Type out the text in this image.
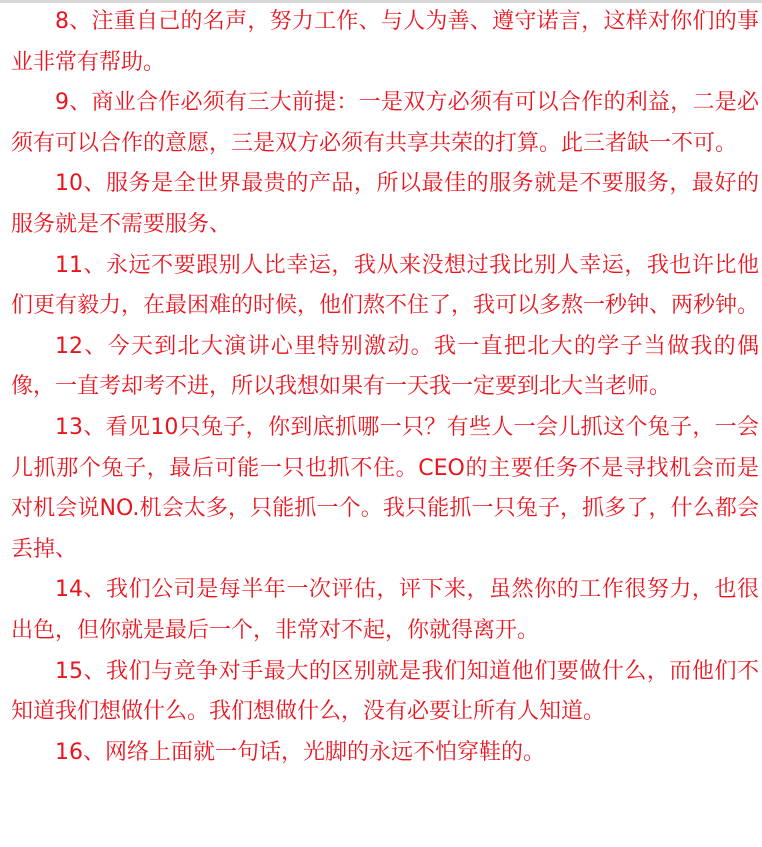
8、注重自己的名声，努力工作、与人为善、遵守诺言，这样对你们的事业非常有帮助。

9、商业合作必须有三大前提：一是双方必须有可以合作的利益，二是必须有可以合作的意愿，三是双方必须有共享共荣的打算。此三者缺一不可。

10、服务是全世界最贵的产品，所以最佳的服务就是不要服务，最好的服务就是不需要服务、

11、永远不要跟别人比幸运，我从来没想过我比别人幸运，我也许比他们更有毅力，在最困难的时候，他们熬不住了，我可以多熬一秒钟、两秒钟。

12、今天到北大演讲心里特别激动。我一直把北大的学子当做我的偶像，一直考却考不进，所以我想如果有一天我一定要到北大当老师。

13、看见10只兔子，你到底抓哪一只？有些人一会儿抓这个兔子，一会儿抓那个兔子，最后可能一只也抓不住。CEO的主要任务不是寻找机会而是对机会说NO.机会太多，只能抓一个。我只能抓一只兔子，抓多了，什么都会丢掉、

14、我们公司是每半年一次评估，评下来，虽然你的工作很努力，也很出色，但你就是最后一个，非常对不起，你就得离开。

15、我们与竞争对手最大的区别就是我们知道他们要做什么，而他们不知道我们想做什么。我们想做什么，没有必要让所有人知道。

16、网络上面就一句话，光脚的永远不怕穿鞋的。
